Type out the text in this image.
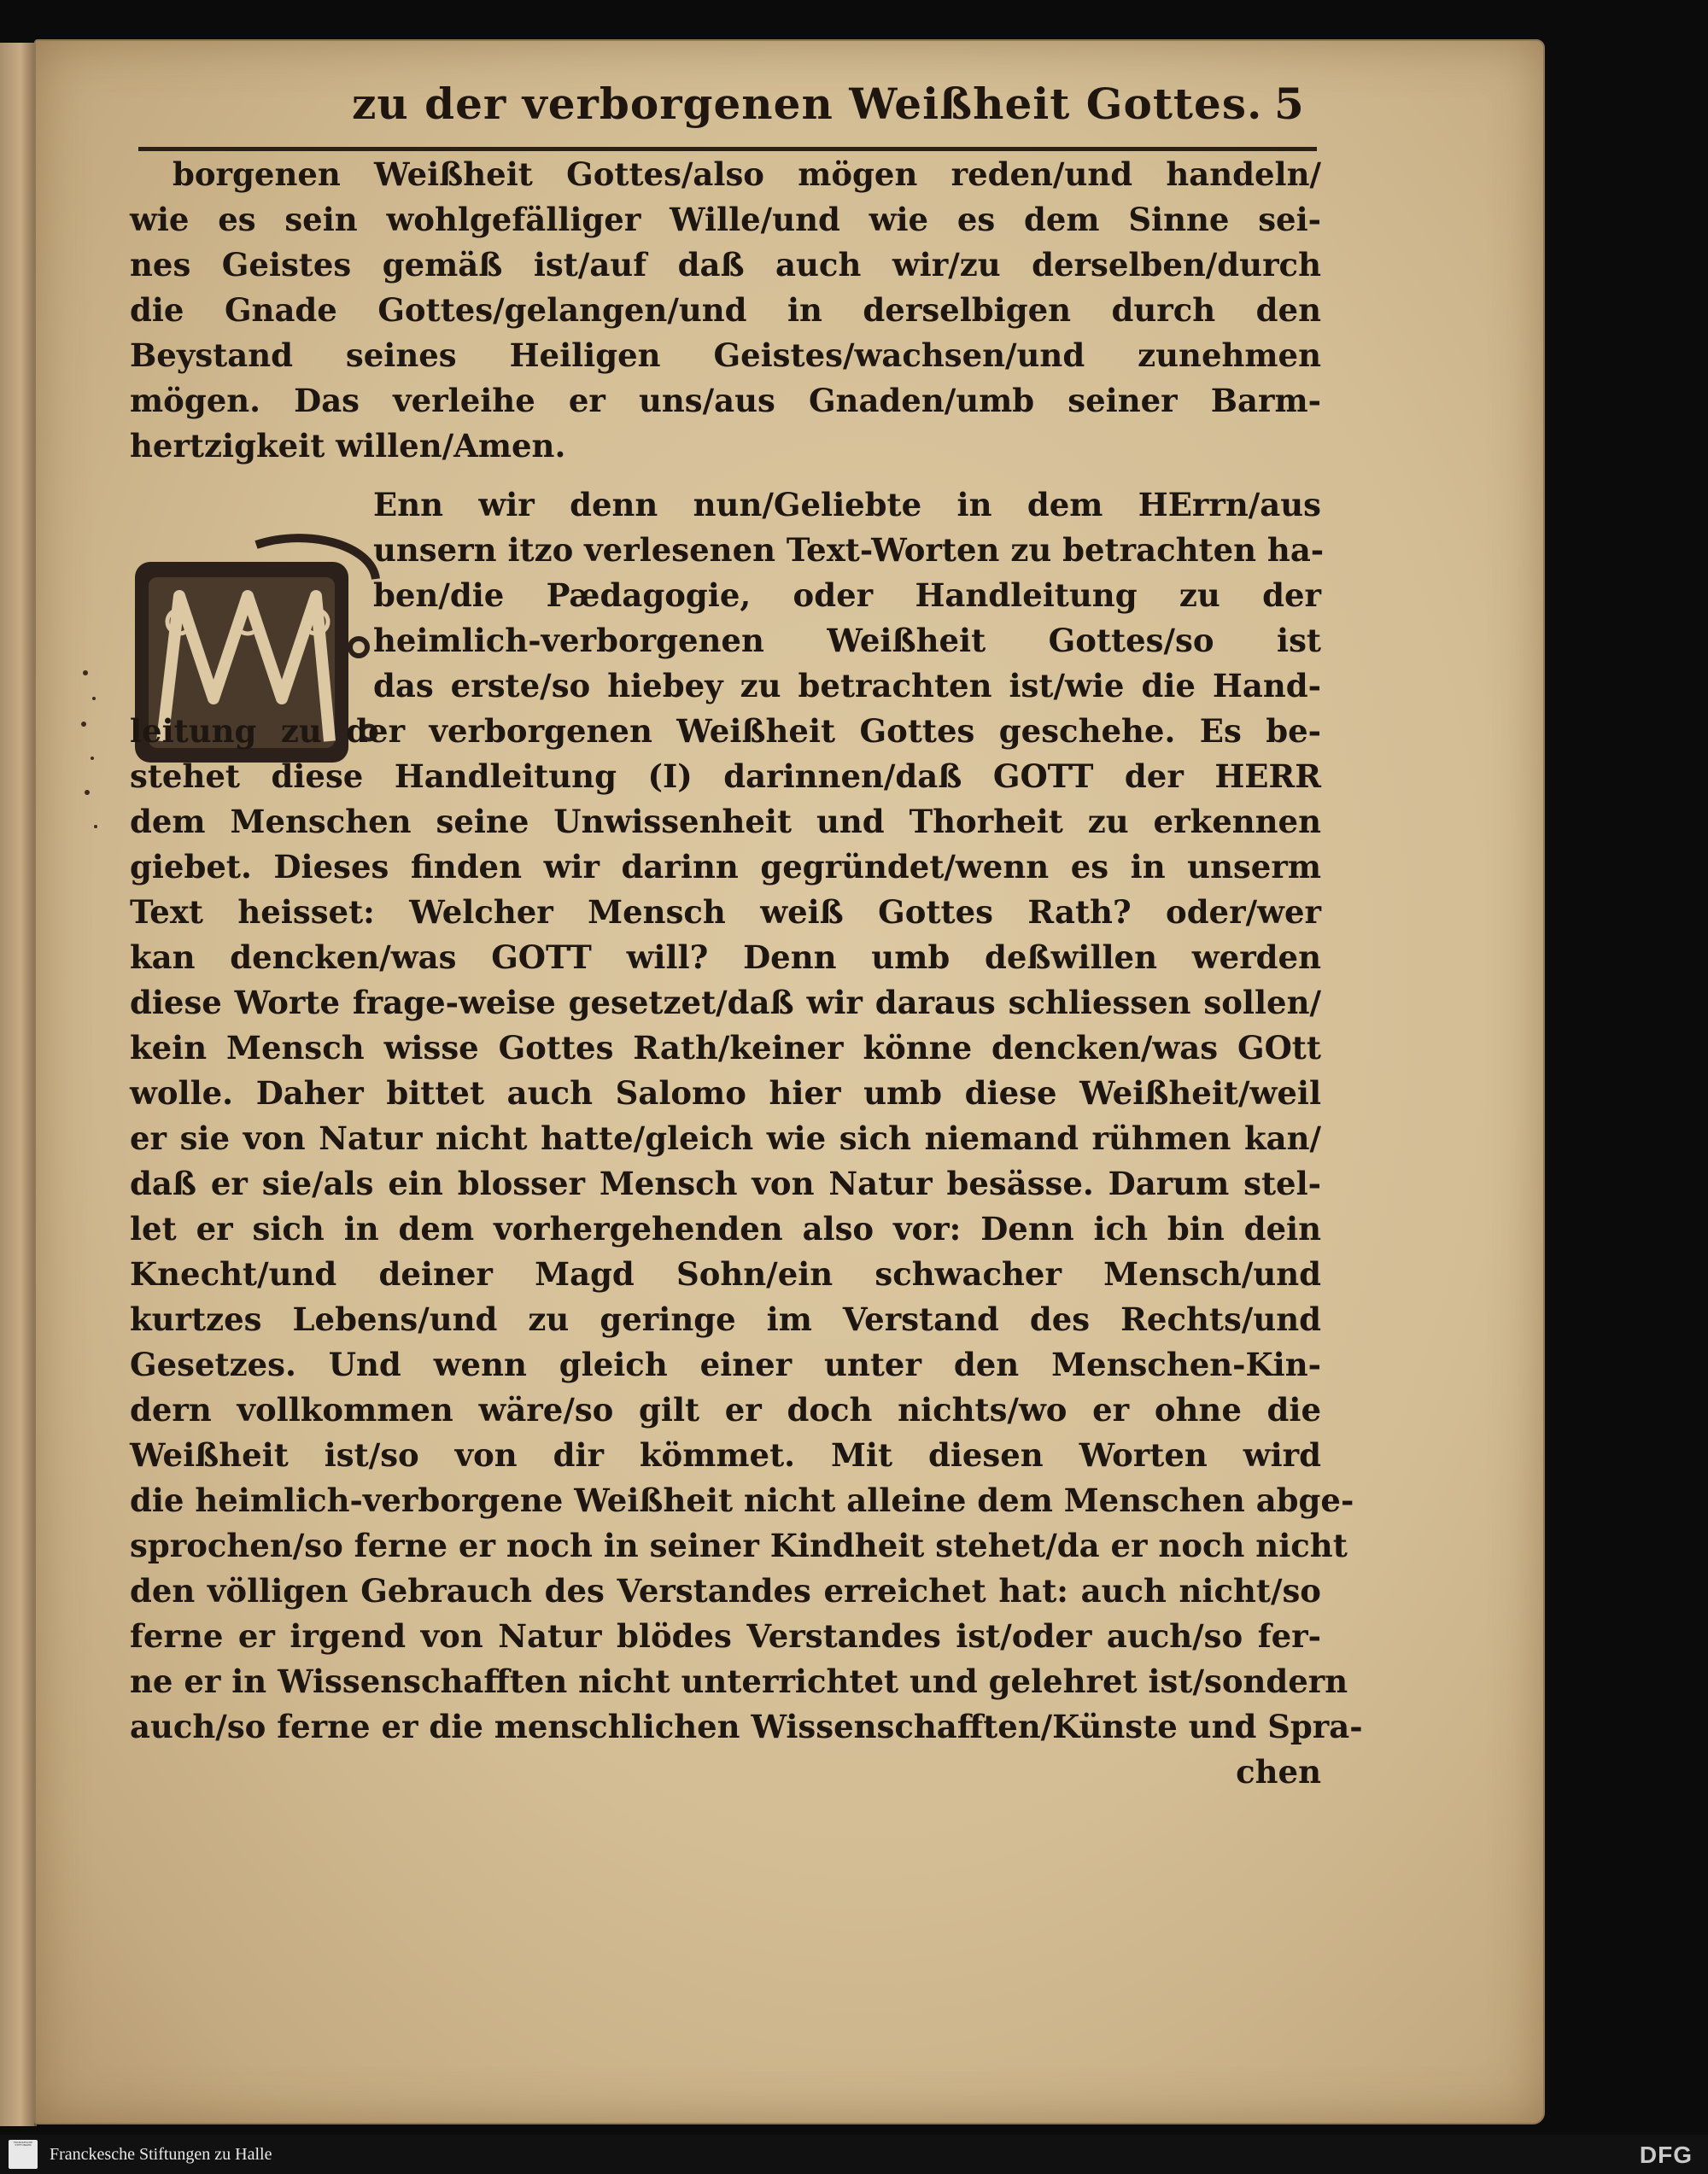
zu der verborgenen Weißheit Gottes. 5
borgenen Weißheit Gottes/also mögen reden/und handeln/
wie es sein wohlgefälliger Wille/und wie es dem Sinne sei-
nes Geistes gemäß ist/auf daß auch wir/zu derselben/durch
die Gnade Gottes/gelangen/und in derselbigen durch den
Beystand seines Heiligen Geistes/wachsen/und zunehmen
mögen. Das verleihe er uns/aus Gnaden/umb seiner Barm-
hertzigkeit willen/Amen.
Enn wir denn nun/Geliebte in dem HErrn/aus
unsern itzo verlesenen Text-Worten zu betrachten ha-
ben/die Pædagogie, oder Handleitung zu der
heimlich-verborgenen Weißheit Gottes/so ist
das erste/so hiebey zu betrachten ist/wie die Hand-
leitung zu der verborgenen Weißheit Gottes geschehe. Es be-
stehet diese Handleitung (I) darinnen/daß GOTT der HERR
dem Menschen seine Unwissenheit und Thorheit zu erkennen
giebet. Dieses finden wir darinn gegründet/wenn es in unserm
Text heisset: Welcher Mensch weiß Gottes Rath? oder/wer
kan dencken/was GOTT will? Denn umb deßwillen werden
diese Worte frage-weise gesetzet/daß wir daraus schliessen sollen/
kein Mensch wisse Gottes Rath/keiner könne dencken/was GOtt
wolle. Daher bittet auch Salomo hier umb diese Weißheit/weil
er sie von Natur nicht hatte/gleich wie sich niemand rühmen kan/
daß er sie/als ein blosser Mensch von Natur besässe. Darum stel-
let er sich in dem vorhergehenden also vor: Denn ich bin dein
Knecht/und deiner Magd Sohn/ein schwacher Mensch/und
kurtzes Lebens/und zu geringe im Verstand des Rechts/und
Gesetzes. Und wenn gleich einer unter den Menschen-Kin-
dern vollkommen wäre/so gilt er doch nichts/wo er ohne die
Weißheit ist/so von dir kömmet. Mit diesen Worten wird
die heimlich-verborgene Weißheit nicht alleine dem Menschen abge-
sprochen/so ferne er noch in seiner Kindheit stehet/da er noch nicht
den völligen Gebrauch des Verstandes erreichet hat: auch nicht/so
ferne er irgend von Natur blödes Verstandes ist/oder auch/so fer-
ne er in Wissenschafften nicht unterrichtet und gelehret ist/sondern
auch/so ferne er die menschlichen Wissenschafften/Künste und Spra-
chen
FRANCKESCHE STIFTUNGEN Franckesche Stiftungen zu Halle	DFG
